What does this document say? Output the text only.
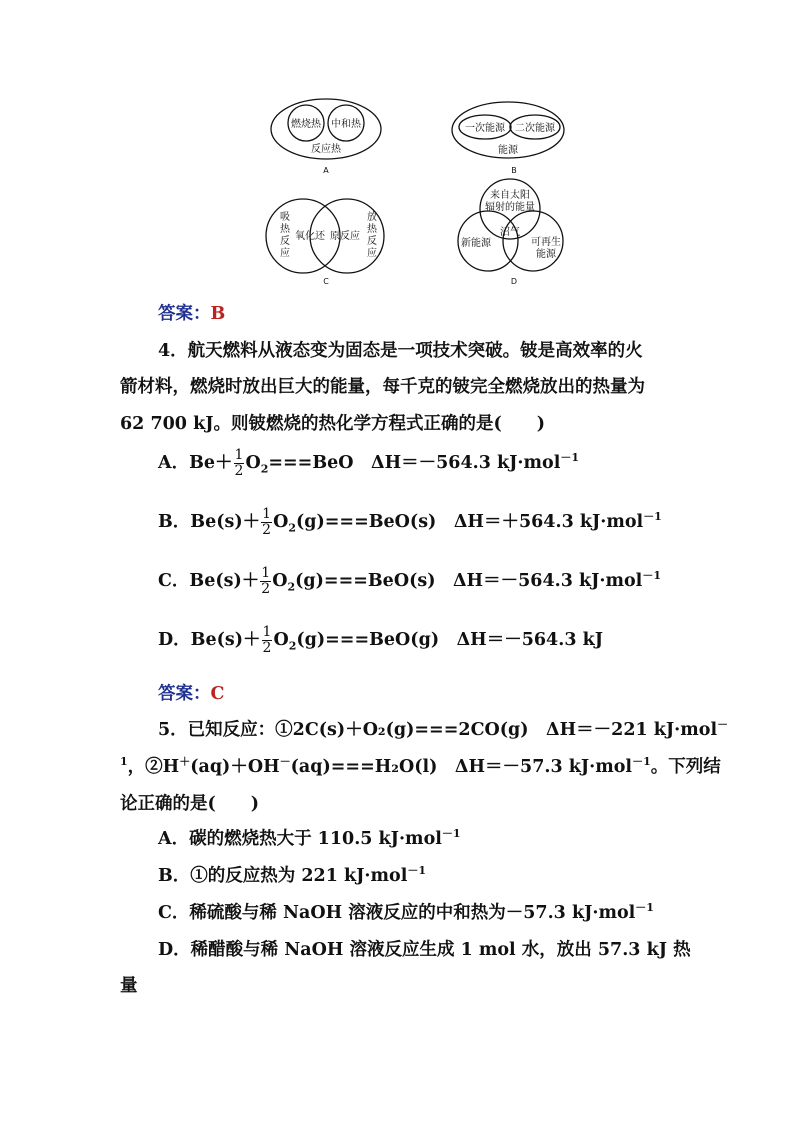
燃烧热 中和热
反应热
A
一次能源 二次能源
能源
B
吸
热
反
应
氧化还 原反应
放
热
反
应
C
来自太阳
辐射的能量
沼气
新能源	可再生
能源
D
答案：B
4．航天燃料从液态变为固态是一项技术突破。铍是高效率的火
箭材料，燃烧时放出巨大的能量，每千克的铍完全燃烧放出的热量为
62 700 kJ。则铍燃烧的热化学方程式正确的是(　　)
A．$Be+ \frac{1}{2} O_2===BeO$　ΔH＝－564.3 kJ·mol$^{-1}$
B．$Be(s)+ \frac{1}{2} O_2(g)===BeO(s)$　ΔH＝＋564.3 kJ·mol$^{-1}$
C．$Be(s)+ \frac{1}{2} O_2(g)===BeO(s)$　ΔH＝－564.3 kJ·mol$^{-1}$
D．$Be(s)+ \frac{1}{2} O_2(g)===BeO(g)$　ΔH＝－564.3 kJ
答案：C
5．已知反应：①2C(s)＋O₂(g)===2CO(g)　ΔH＝－221 kJ·mol－
$^1$，②H＋(aq)＋OH－(aq)===H₂O(l)　ΔH＝－57.3 kJ·mol$^{-1}$。下列结
论正确的是(　　)
A．碳的燃烧热大于 110.5 kJ·mol$^{-1}$
B．①的反应热为 221 kJ·mol$^{-1}$
C．稀硫酸与稀 NaOH 溶液反应的中和热为－57.3 kJ·mol$^{-1}$
D．稀醋酸与稀 NaOH 溶液反应生成 1 mol 水，放出 57.3 kJ 热
量
